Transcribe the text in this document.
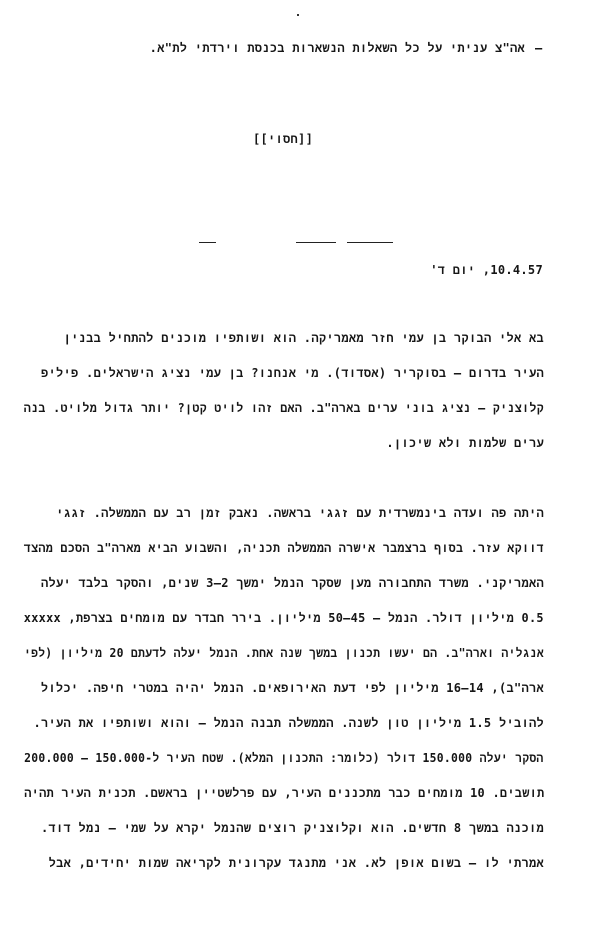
–
אה"צ עניתי על כל השאלות הנשארות בכנסת וירדתי לת"א.
[[חסוי]]
10.4.57, יום ד'
בא אלי הבוקר בן עמי חזר מאמריקה. הוא ושותפיו מוכנים להתחיל בבנין
העיר בדרום – בסוקריר (אסדוד). מי אנחנו? בן עמי נציג הישראלים. פיליפ
קלוצניק – נציג בוני ערים בארה"ב. האם זהו לויט קטן? יותר גדול מלויט. בנה
ערים שלמות ולא שיכון.
היתה פה ועדה בינמשרדית עם זגגי בראשה. נאבק זמן רב עם הממשלה. זגגי
דווקא עזר. בסוף ברצמבר אישרה הממשלה תכניה, והשבוע הביא מארה"ב הסכם מהצד
האמריקני. משרד התחבורה מען שסקר הנמל ימשך 2–3 שנים, והסקר בלבד יעלה
0.5 מיליון דולר. הנמל – 45–50 מיליון. בירר חבדר עם מומחים בצרפת, xxxxx
אנגליה וארה"ב. הם יעשו תכנון במשך שנה אחת. הנמל יעלה לדעתם 20 מיליון (לפי
ארה"ב), 14–16 מיליון לפי דעת האירופאים. הנמל יהיה במטרי חיפה. יכלול
להוביל 1.5 מיליון טון לשנה. הממשלה תבנה הנמל – והוא ושותפיו את העיר.
הסקר יעלה 150.000 דולר (כלומר: התכנון המלא). שטח העיר ל-150.000 – 200.000
תושבים. 10 מומחים כבר מתכננים העיר, עם פרלשטיין בראשם. תכנית העיר תהיה
מוכנה במשך 8 חדשים. הוא וקלוצניק רוצים שהנמל יקרא על שמי – נמל דוד.
אמרתי לו – בשום אופן לא. אני מתנגד עקרונית לקריאה שמות יחידים, אבל
